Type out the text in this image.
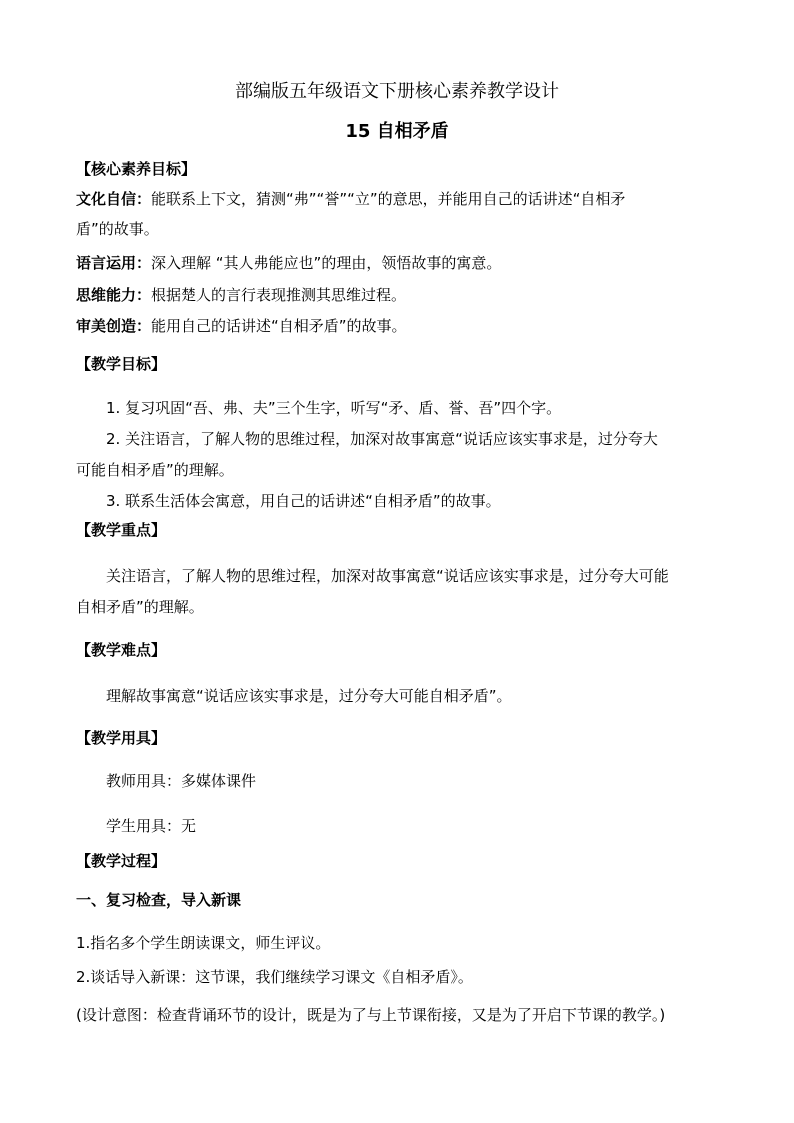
部编版五年级语文下册核心素养教学设计
15 自相矛盾
【核心素养目标】
文化自信：能联系上下文，猜测“弗”“誉”“立”的意思，并能用自己的话讲述“自相矛
盾”的故事。
语言运用：深入理解 “其人弗能应也”的理由，领悟故事的寓意。
思维能力：根据楚人的言行表现推测其思维过程。
审美创造：能用自己的话讲述“自相矛盾”的故事。
【教学目标】
1. 复习巩固“吾、弗、夫”三个生字，听写“矛、盾、誉、吾”四个字。
2. 关注语言，了解人物的思维过程，加深对故事寓意“说话应该实事求是，过分夸大
可能自相矛盾”的理解。
3. 联系生活体会寓意，用自己的话讲述“自相矛盾”的故事。
【教学重点】
关注语言，了解人物的思维过程，加深对故事寓意“说话应该实事求是，过分夸大可能
自相矛盾”的理解。
【教学难点】
理解故事寓意“说话应该实事求是，过分夸大可能自相矛盾”。
【教学用具】
教师用具：多媒体课件
学生用具：无
【教学过程】
一、复习检查，导入新课
1.指名多个学生朗读课文，师生评议。
2.谈话导入新课：这节课，我们继续学习课文《自相矛盾》。
(设计意图：检查背诵环节的设计，既是为了与上节课衔接，又是为了开启下节课的教学。)
